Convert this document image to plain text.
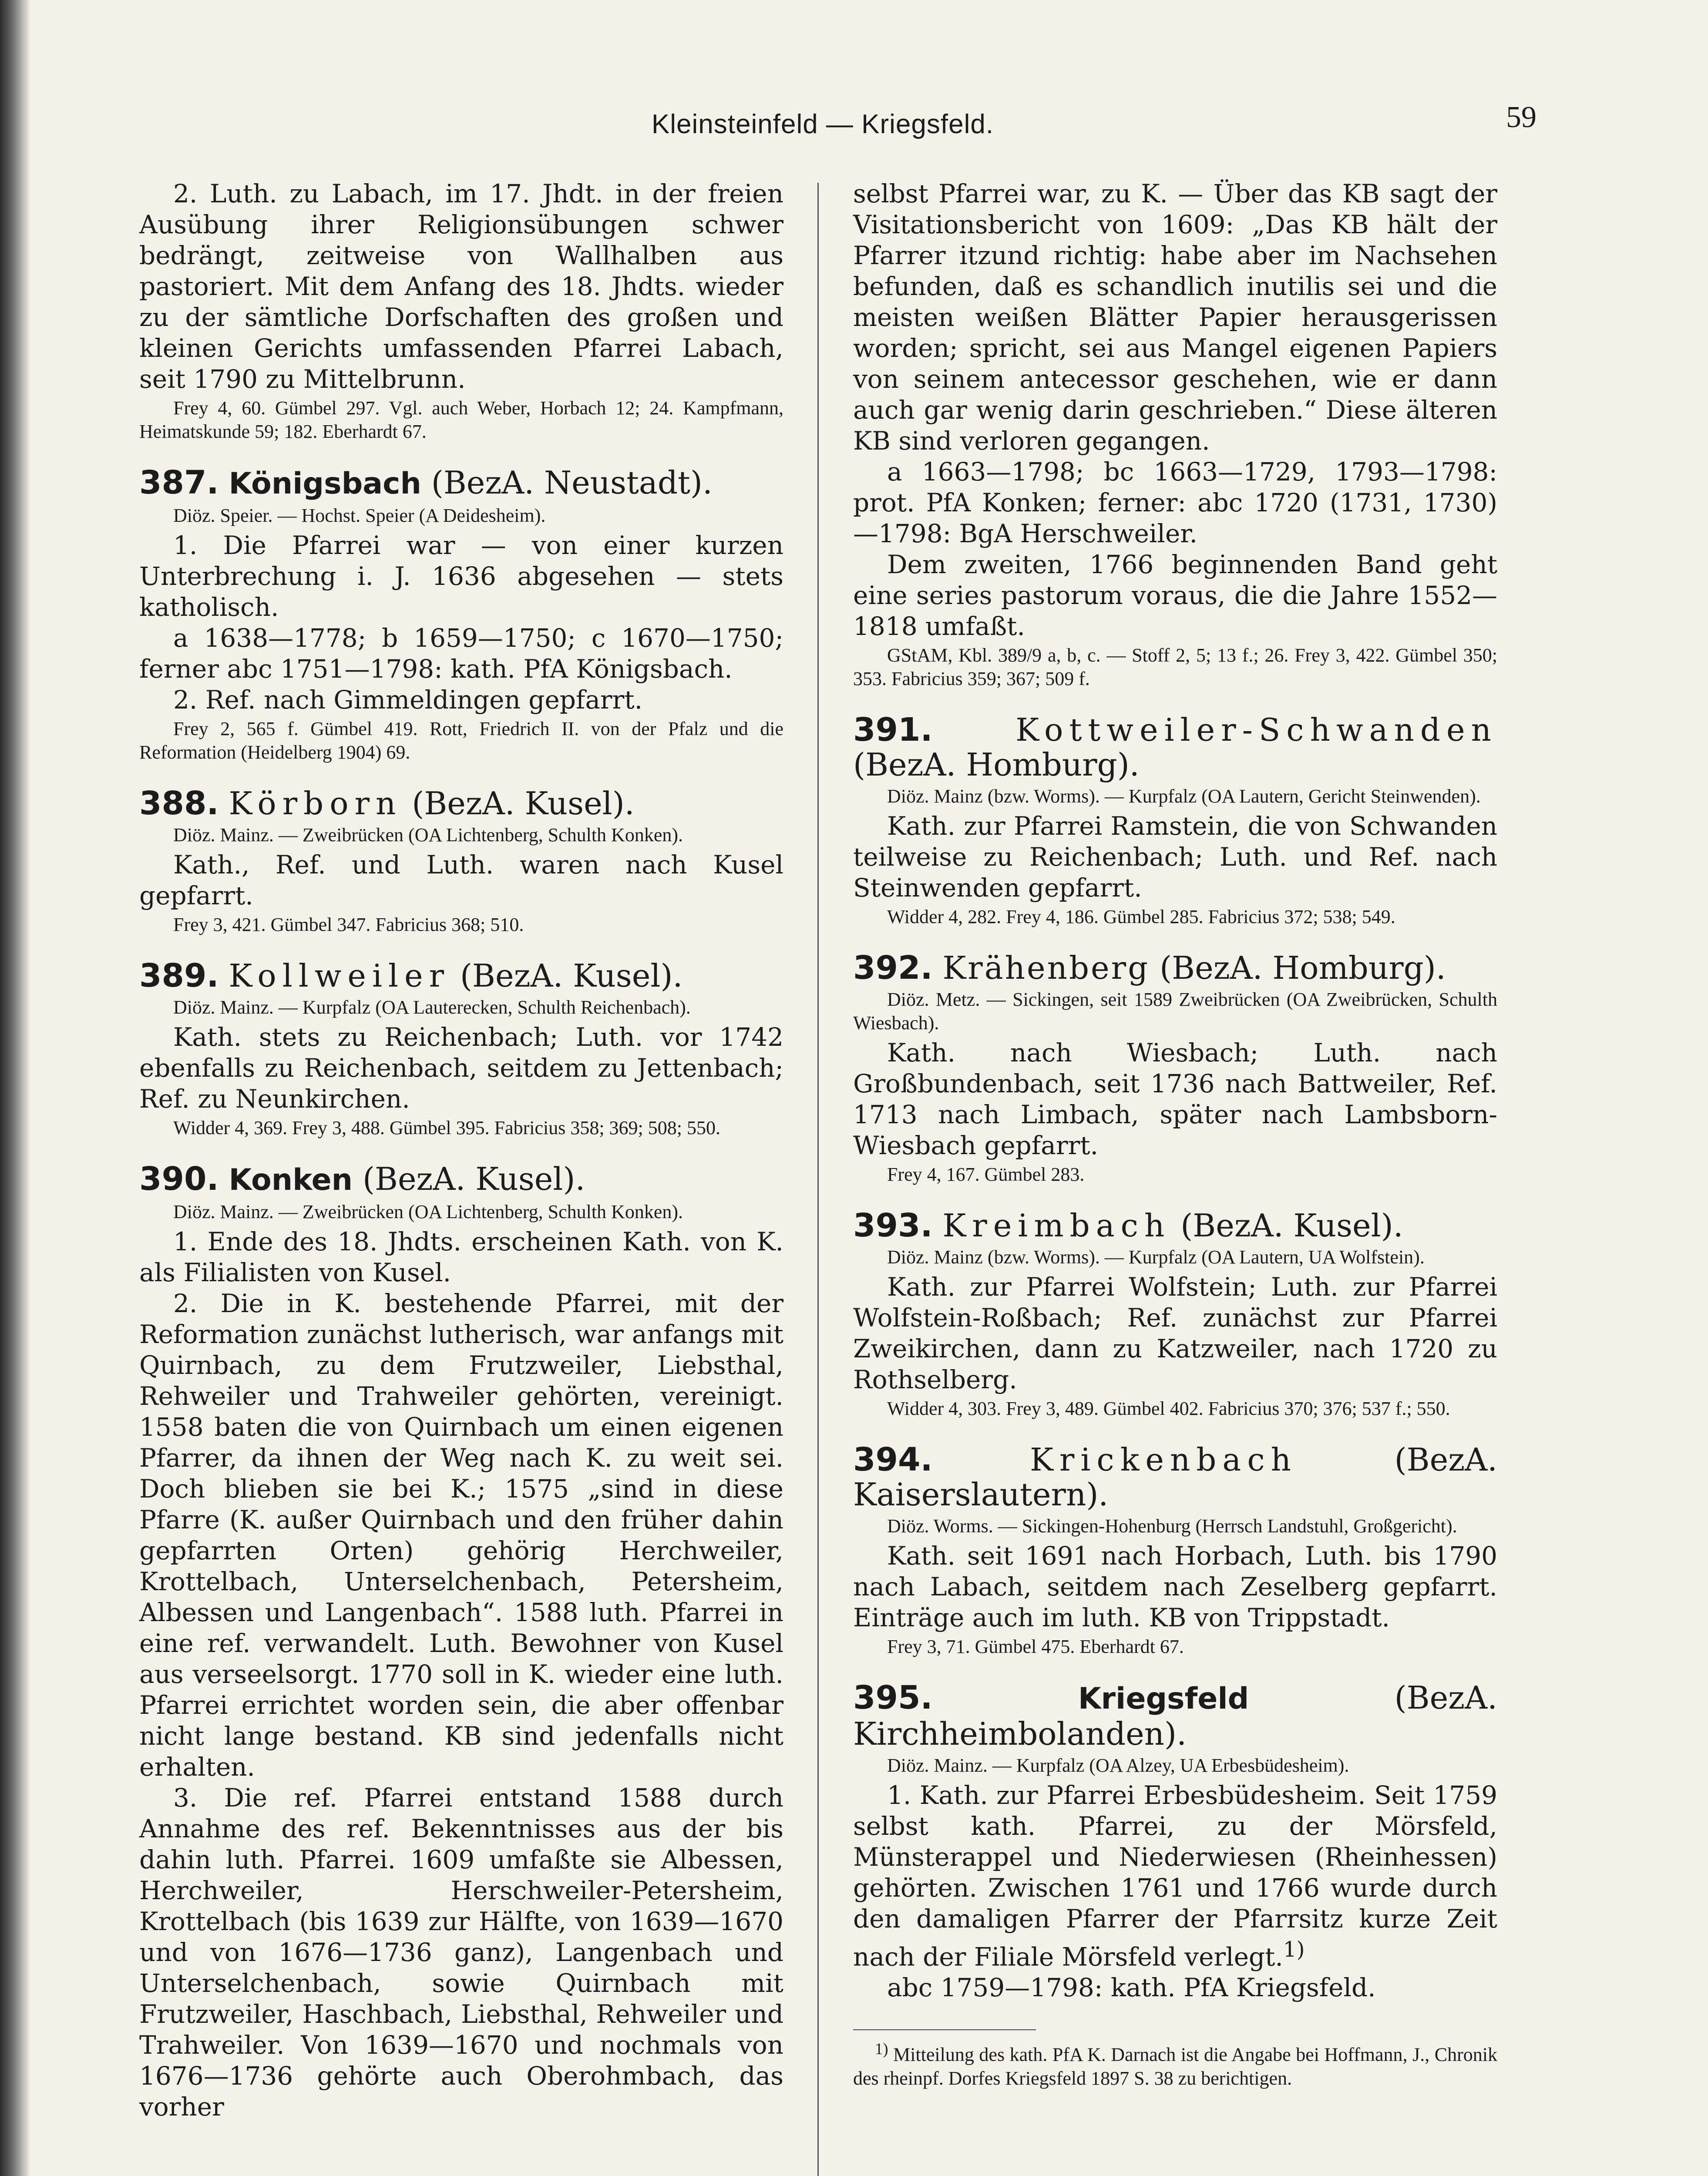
Kleinsteinfeld — Kriegsfeld.	59

2. Luth. zu Labach, im 17. Jhdt. in der freien Ausübung ihrer Religionsübungen schwer bedrängt, zeitweise von Wallhalben aus pastoriert. Mit dem Anfang des 18. Jhdts. wieder zu der sämtliche Dorfschaften des großen und kleinen Gerichts umfassenden Pfarrei Labach, seit 1790 zu Mittelbrunn.

Frey 4, 60. Gümbel 297. Vgl. auch Weber, Horbach 12; 24. Kampfmann, Heimatskunde 59; 182. Eberhardt 67.

387. Königsbach (BezA. Neustadt).

Diöz. Speier. — Hochst. Speier (A Deidesheim).

1. Die Pfarrei war — von einer kurzen Unterbrechung i. J. 1636 abgesehen — stets katholisch.

a 1638—1778; b 1659—1750; c 1670—1750; ferner abc 1751—1798: kath. PfA Königsbach.

2. Ref. nach Gimmeldingen gepfarrt.

Frey 2, 565 f. Gümbel 419. Rott, Friedrich II. von der Pfalz und die Reformation (Heidelberg 1904) 69.

388. Körborn (BezA. Kusel).

Diöz. Mainz. — Zweibrücken (OA Lichtenberg, Schulth Konken).

Kath., Ref. und Luth. waren nach Kusel gepfarrt.

Frey 3, 421. Gümbel 347. Fabricius 368; 510.

389. Kollweiler (BezA. Kusel).

Diöz. Mainz. — Kurpfalz (OA Lauterecken, Schulth Reichenbach).

Kath. stets zu Reichenbach; Luth. vor 1742 ebenfalls zu Reichenbach, seitdem zu Jettenbach; Ref. zu Neunkirchen.

Widder 4, 369. Frey 3, 488. Gümbel 395. Fabricius 358; 369; 508; 550.

390. Konken (BezA. Kusel).

Diöz. Mainz. — Zweibrücken (OA Lichtenberg, Schulth Konken).

1. Ende des 18. Jhdts. erscheinen Kath. von K. als Filialisten von Kusel.

2. Die in K. bestehende Pfarrei, mit der Reformation zunächst lutherisch, war anfangs mit Quirnbach, zu dem Frutzweiler, Liebsthal, Rehweiler und Trahweiler gehörten, vereinigt. 1558 baten die von Quirnbach um einen eigenen Pfarrer, da ihnen der Weg nach K. zu weit sei. Doch blieben sie bei K.; 1575 „sind in diese Pfarre (K. außer Quirnbach und den früher dahin gepfarrten Orten) gehörig Herchweiler, Krottelbach, Unterselchenbach, Petersheim, Albessen und Langenbach“. 1588 luth. Pfarrei in eine ref. verwandelt. Luth. Bewohner von Kusel aus verseelsorgt. 1770 soll in K. wieder eine luth. Pfarrei errichtet worden sein, die aber offenbar nicht lange bestand. KB sind jedenfalls nicht erhalten.

3. Die ref. Pfarrei entstand 1588 durch Annahme des ref. Bekenntnisses aus der bis dahin luth. Pfarrei. 1609 umfaßte sie Albessen, Herchweiler, Herschweiler-Petersheim, Krottelbach (bis 1639 zur Hälfte, von 1639—1670 und von 1676—1736 ganz), Langenbach und Unterselchenbach, sowie Quirnbach mit Frutzweiler, Haschbach, Liebsthal, Rehweiler und Trahweiler. Von 1639—1670 und nochmals von 1676—1736 gehörte auch Oberohmbach, das vorher

selbst Pfarrei war, zu K. — Über das KB sagt der Visitationsbericht von 1609: „Das KB hält der Pfarrer itzund richtig: habe aber im Nachsehen befunden, daß es schandlich inutilis sei und die meisten weißen Blätter Papier herausgerissen worden; spricht, sei aus Mangel eigenen Papiers von seinem antecessor geschehen, wie er dann auch gar wenig darin geschrieben.“ Diese älteren KB sind verloren gegangen.

a 1663—1798; bc 1663—1729, 1793—1798: prot. PfA Konken; ferner: abc 1720 (1731, 1730)—1798: BgA Herschweiler.

Dem zweiten, 1766 beginnenden Band geht eine series pastorum voraus, die die Jahre 1552—1818 umfaßt.

GStAM, Kbl. 389/9 a, b, c. — Stoff 2, 5; 13 f.; 26. Frey 3, 422. Gümbel 350; 353. Fabricius 359; 367; 509 f.

391.	Kottweiler-Schwanden (BezA. Homburg).

Diöz. Mainz (bzw. Worms). — Kurpfalz (OA Lautern, Gericht Steinwenden).

Kath. zur Pfarrei Ramstein, die von Schwanden teilweise zu Reichenbach; Luth. und Ref. nach Steinwenden gepfarrt.

Widder 4, 282. Frey 4, 186. Gümbel 285. Fabricius 372; 538; 549.

392. Krähenberg (BezA. Homburg).

Diöz. Metz. — Sickingen, seit 1589 Zweibrücken (OA Zweibrücken, Schulth Wiesbach).

Kath. nach Wiesbach; Luth. nach Großbundenbach, seit 1736 nach Battweiler, Ref. 1713 nach Limbach, später nach Lambsborn-Wiesbach gepfarrt.

Frey 4, 167. Gümbel 283.

393. Kreimbach (BezA. Kusel).

Diöz. Mainz (bzw. Worms). — Kurpfalz (OA Lautern, UA Wolfstein).

Kath. zur Pfarrei Wolfstein; Luth. zur Pfarrei Wolfstein-Roßbach; Ref. zunächst zur Pfarrei Zweikirchen, dann zu Katzweiler, nach 1720 zu Rothselberg.

Widder 4, 303. Frey 3, 489. Gümbel 402. Fabricius 370; 376; 537 f.; 550.

394.	Krickenbach	(BezA. Kaiserslautern).

Diöz. Worms. — Sickingen-Hohenburg (Herrsch Landstuhl, Großgericht).

Kath. seit 1691 nach Horbach, Luth. bis 1790 nach Labach, seitdem nach Zeselberg gepfarrt. Einträge auch im luth. KB von Trippstadt.

Frey 3, 71. Gümbel 475. Eberhardt 67.

395.	Kriegsfeld	(BezA. Kirchheimbolanden).

Diöz. Mainz. — Kurpfalz (OA Alzey, UA Erbesbüdesheim).

1. Kath. zur Pfarrei Erbesbüdesheim. Seit 1759 selbst kath. Pfarrei, zu der Mörsfeld, Münsterappel und Niederwiesen (Rheinhessen) gehörten. Zwischen 1761 und 1766 wurde durch den damaligen Pfarrer der Pfarrsitz kurze Zeit nach der Filiale Mörsfeld verlegt.$^{1)}$

abc 1759—1798: kath. PfA Kriegsfeld.

$^{1)}$ Mitteilung des kath. PfA K. Darnach ist die Angabe bei Hoffmann, J., Chronik des rheinpf. Dorfes Kriegsfeld 1897 S. 38 zu berichtigen.
